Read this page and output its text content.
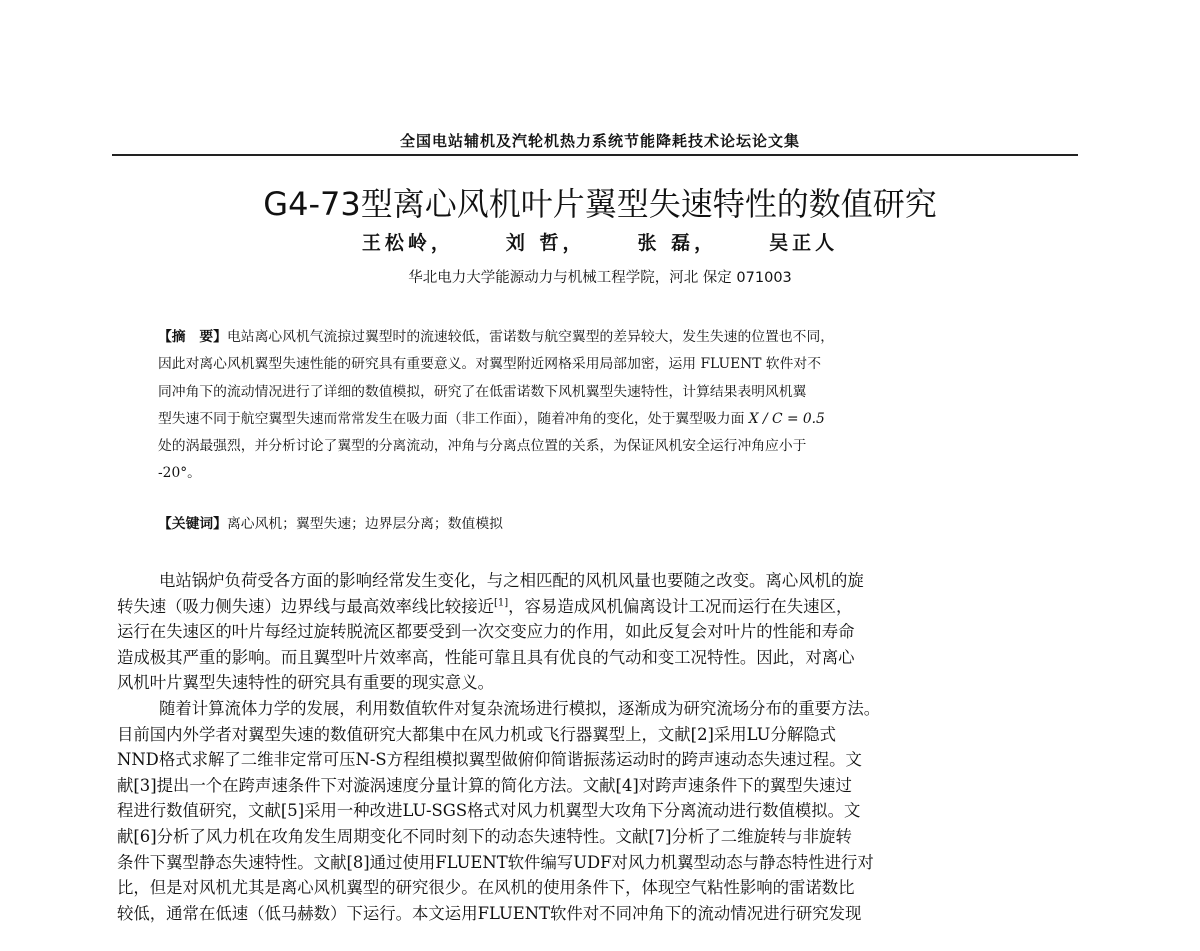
全国电站辅机及汽轮机热力系统节能降耗技术论坛论文集
G4-73型离心风机叶片翼型失速特性的数值研究
王松岭，	刘 哲，	张 磊，	吴正人
华北电力大学能源动力与机械工程学院，河北 保定 071003
【摘　要】电站离心风机气流掠过翼型时的流速较低，雷诺数与航空翼型的差异较大，发生失速的位置也不同，
因此对离心风机翼型失速性能的研究具有重要意义。对翼型附近网格采用局部加密，运用 FLUENT 软件对不
同冲角下的流动情况进行了详细的数值模拟，研究了在低雷诺数下风机翼型失速特性，计算结果表明风机翼
型失速不同于航空翼型失速而常常发生在吸力面（非工作面），随着冲角的变化，处于翼型吸力面 X / C = 0.5
处的涡最强烈，并分析讨论了翼型的分离流动，冲角与分离点位置的关系，为保证风机安全运行冲角应小于
-20°。
【关键词】离心风机；翼型失速；边界层分离；数值模拟
电站锅炉负荷受各方面的影响经常发生变化，与之相匹配的风机风量也要随之改变。离心风机的旋
转失速（吸力侧失速）边界线与最高效率线比较接近[1]，容易造成风机偏离设计工况而运行在失速区，
运行在失速区的叶片每经过旋转脱流区都要受到一次交变应力的作用，如此反复会对叶片的性能和寿命
造成极其严重的影响。而且翼型叶片效率高，性能可靠且具有优良的气动和变工况特性。因此，对离心
风机叶片翼型失速特性的研究具有重要的现实意义。
随着计算流体力学的发展，利用数值软件对复杂流场进行模拟，逐渐成为研究流场分布的重要方法。
目前国内外学者对翼型失速的数值研究大都集中在风力机或飞行器翼型上，文献[2]采用LU分解隐式
NND格式求解了二维非定常可压N-S方程组模拟翼型做俯仰简谐振荡运动时的跨声速动态失速过程。文
献[3]提出一个在跨声速条件下对漩涡速度分量计算的简化方法。文献[4]对跨声速条件下的翼型失速过
程进行数值研究，文献[5]采用一种改进LU-SGS格式对风力机翼型大攻角下分离流动进行数值模拟。文
献[6]分析了风力机在攻角发生周期变化不同时刻下的动态失速特性。文献[7]分析了二维旋转与非旋转
条件下翼型静态失速特性。文献[8]通过使用FLUENT软件编写UDF对风力机翼型动态与静态特性进行对
比，但是对风机尤其是离心风机翼型的研究很少。在风机的使用条件下，体现空气粘性影响的雷诺数比
较低，通常在低速（低马赫数）下运行。本文运用FLUENT软件对不同冲角下的流动情况进行研究发现
